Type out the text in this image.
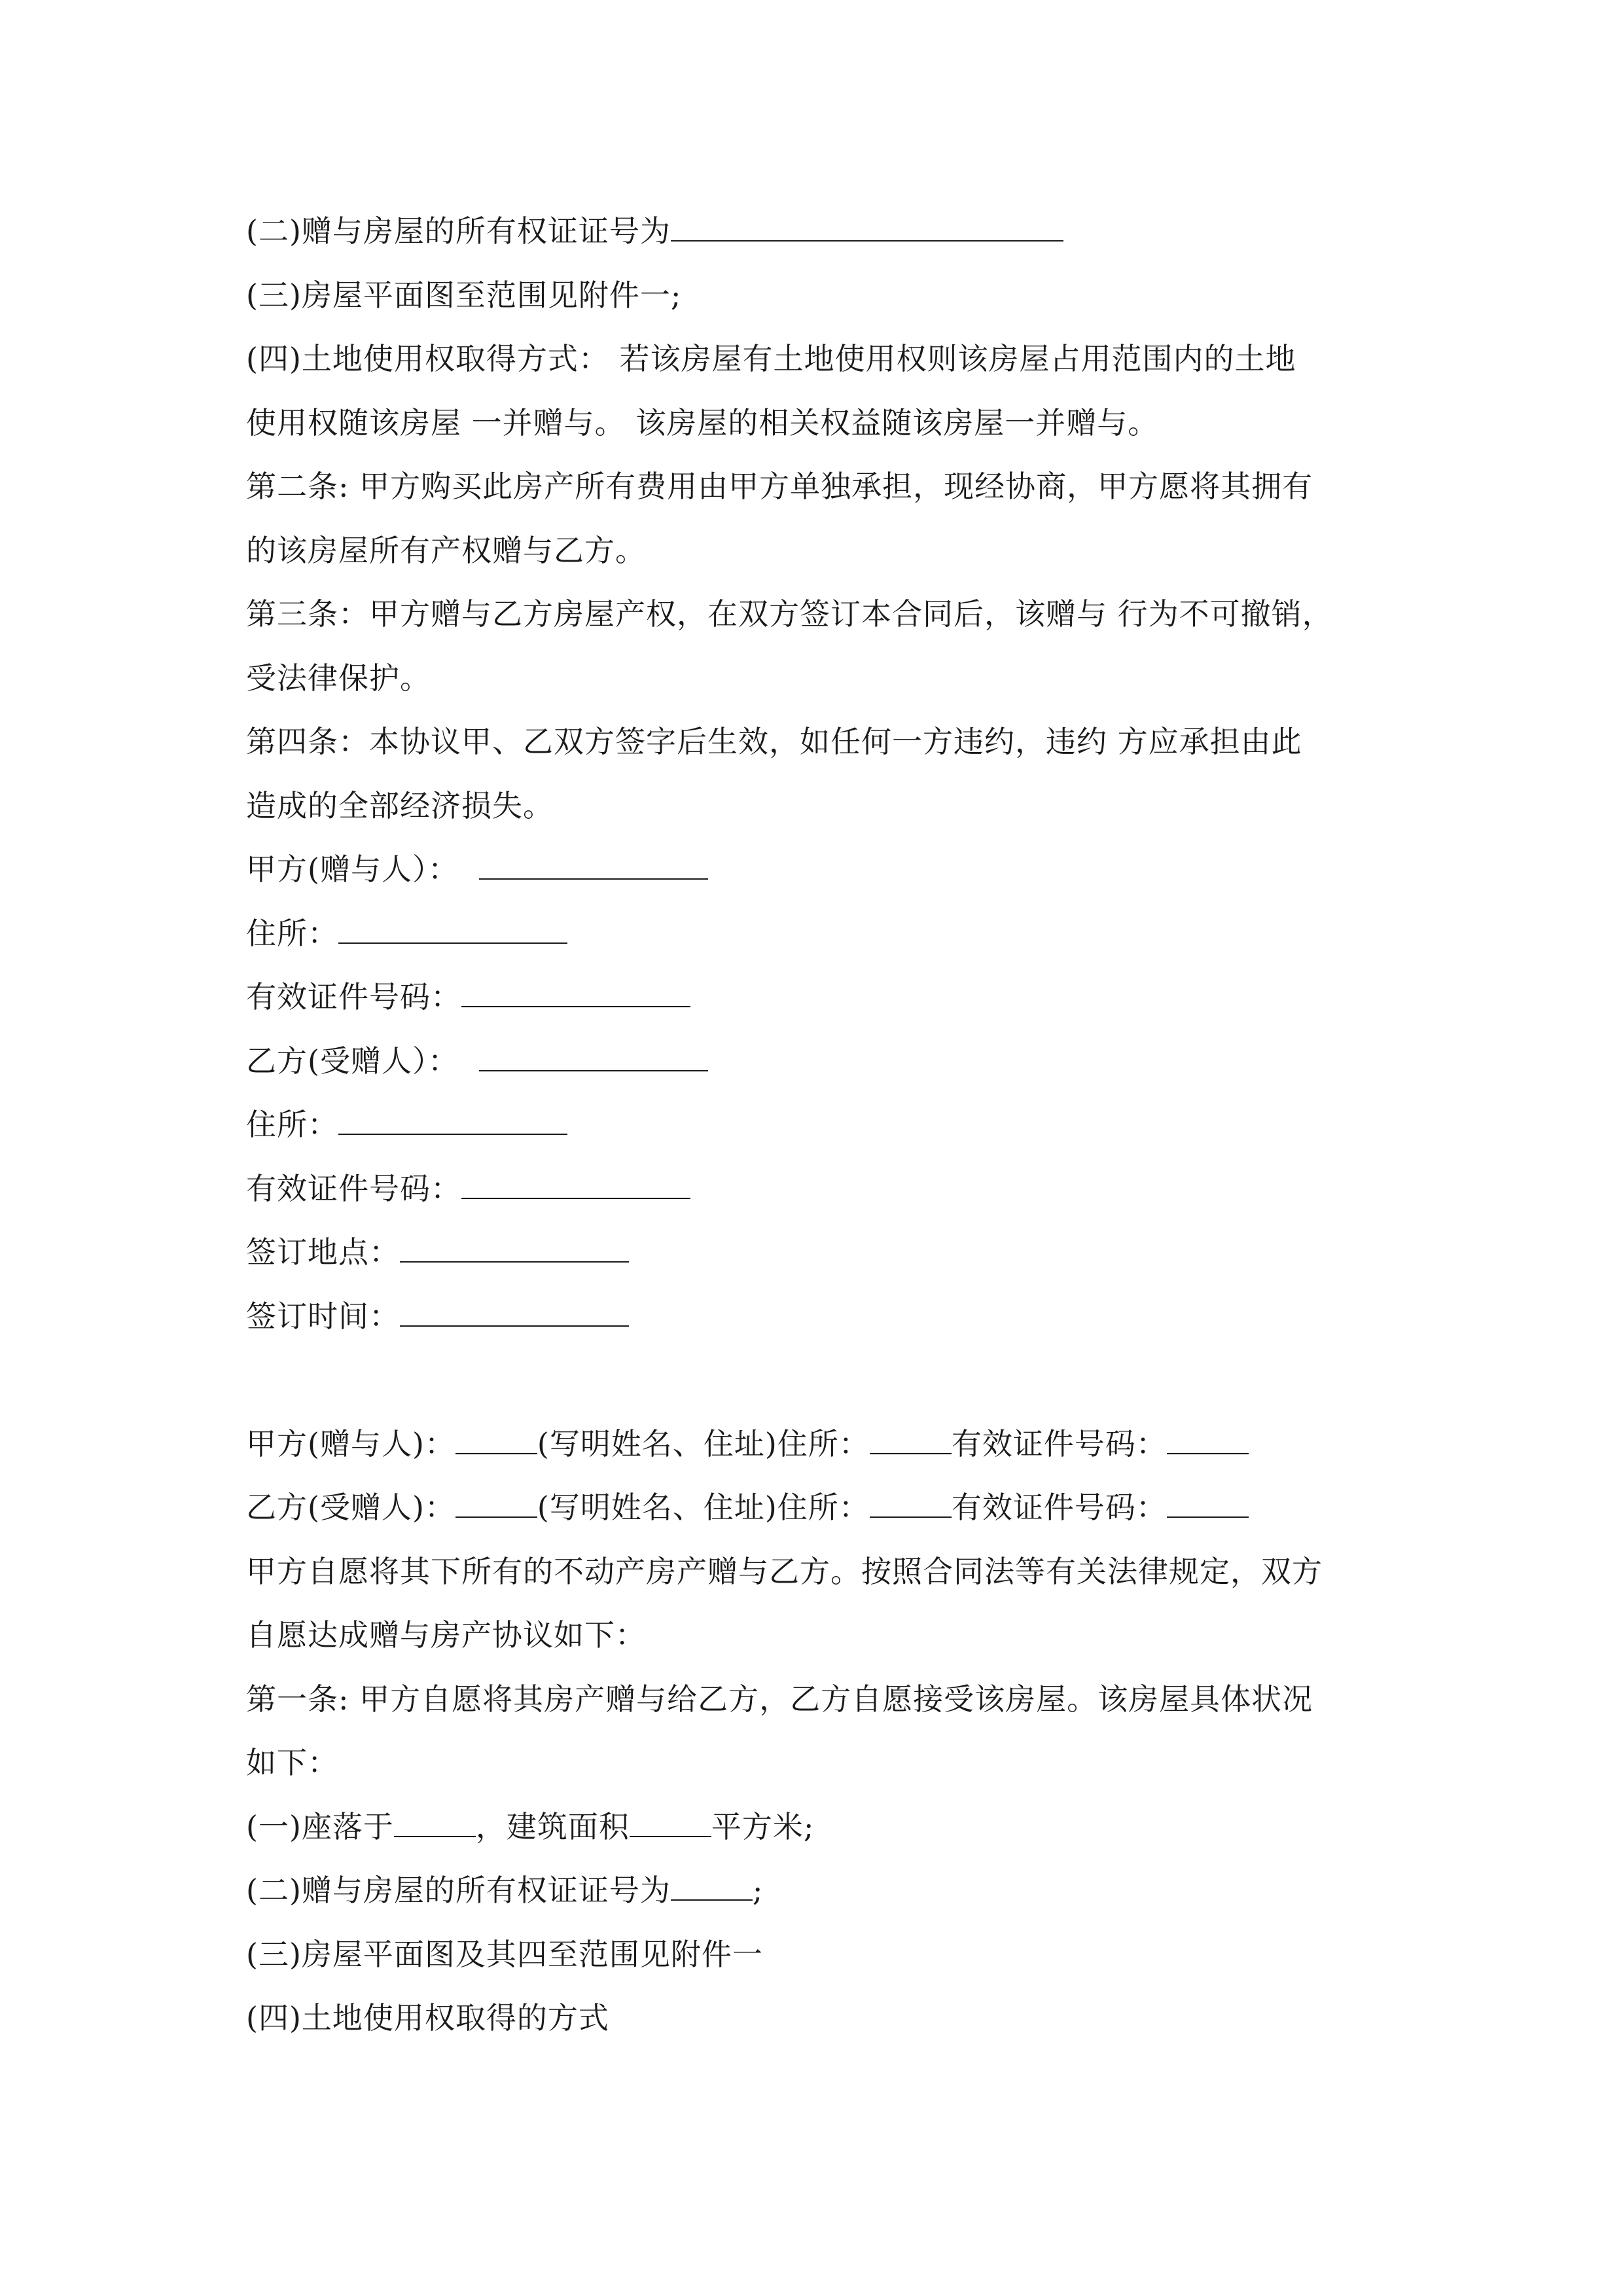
(二)赠与房屋的所有权证证号为
(三)房屋平面图至范围见附件一;
(四)土地使用权取得方式： 若该房屋有土地使用权则该房屋占用范围内的土地
使用权随该房屋 一并赠与。 该房屋的相关权益随该房屋一并赠与。
第二条: 甲方购买此房产所有费用由甲方单独承担，现经协商，甲方愿将其拥有
的该房屋所有产权赠与乙方。
第三条：甲方赠与乙方房屋产权，在双方签订本合同后，该赠与 行为不可撤销，
受法律保护。
第四条：本协议甲、乙双方签字后生效，如任何一方违约，违约 方应承担由此
造成的全部经济损失。
甲方(赠与人）：
住所：
有效证件号码：
乙方(受赠人）：
住所：
有效证件号码：
签订地点：
签订时间：
甲方(赠与人)：	(写明姓名、住址)住所：	有效证件号码：
乙方(受赠人)：	(写明姓名、住址)住所：	有效证件号码：
甲方自愿将其下所有的不动产房产赠与乙方。按照合同法等有关法律规定，双方
自愿达成赠与房产协议如下：
第一条: 甲方自愿将其房产赠与给乙方，乙方自愿接受该房屋。该房屋具体状况
如下：
(一)座落于	，建筑面积	平方米;
(二)赠与房屋的所有权证证号为	;
(三)房屋平面图及其四至范围见附件一
(四)土地使用权取得的方式
